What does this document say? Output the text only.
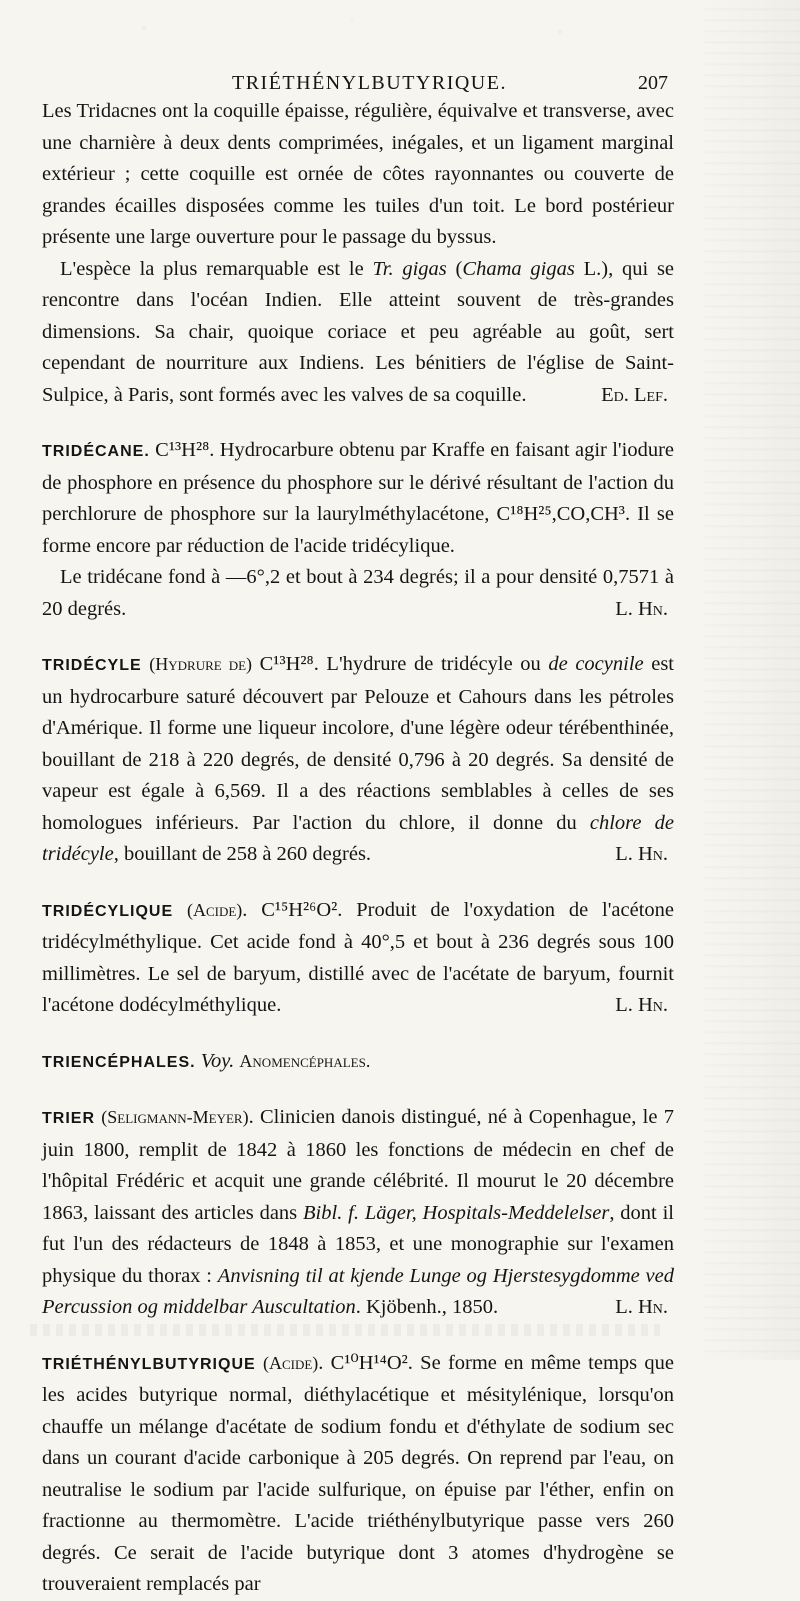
TRIÉTHÉNYLBUTYRIQUE.	207

Les Tridacnes ont la coquille épaisse, régulière, équivalve et transverse, avec une charnière à deux dents comprimées, inégales, et un ligament marginal extérieur ; cette coquille est ornée de côtes rayonnantes ou couverte de grandes écailles disposées comme les tuiles d'un toit. Le bord postérieur présente une large ouverture pour le passage du byssus.

L'espèce la plus remarquable est le Tr. gigas (Chama gigas L.), qui se rencontre dans l'océan Indien. Elle atteint souvent de très-grandes dimensions. Sa chair, quoique coriace et peu agréable au goût, sert cependant de nourriture aux Indiens. Les bénitiers de l'église de Saint-Sulpice, à Paris, sont formés avec les valves de sa coquille.	Ed. Lef.

TRIDÉCANE. C¹³H²⁸. Hydrocarbure obtenu par Kraffe en faisant agir l'iodure de phosphore en présence du phosphore sur le dérivé résultant de l'action du perchlorure de phosphore sur la laurylméthylacétone, C¹⁸H²⁵,CO,CH³. Il se forme encore par réduction de l'acide tridécylique.

Le tridécane fond à —6°,2 et bout à 234 degrés; il a pour densité 0,7571 à 20 degrés.	L. Hn.

TRIDÉCYLE (Hydrure de) C¹³H²⁸. L'hydrure de tridécyle ou de cocynile est un hydrocarbure saturé découvert par Pelouze et Cahours dans les pétroles d'Amérique. Il forme une liqueur incolore, d'une légère odeur térébenthinée, bouillant de 218 à 220 degrés, de densité 0,796 à 20 degrés. Sa densité de vapeur est égale à 6,569. Il a des réactions semblables à celles de ses homologues inférieurs. Par l'action du chlore, il donne du chlore de tridécyle, bouillant de 258 à 260 degrés.	L. Hn.

TRIDÉCYLIQUE (Acide). C¹⁵H²⁶O². Produit de l'oxydation de l'acétone tridécylméthylique. Cet acide fond à 40°,5 et bout à 236 degrés sous 100 millimètres. Le sel de baryum, distillé avec de l'acétate de baryum, fournit l'acétone dodécylméthylique.	L. Hn.

TRIENCÉPHALES. Voy. Anomencéphales.

TRIER (Seligmann-Meyer). Clinicien danois distingué, né à Copenhague, le 7 juin 1800, remplit de 1842 à 1860 les fonctions de médecin en chef de l'hôpital Frédéric et acquit une grande célébrité. Il mourut le 20 décembre 1863, laissant des articles dans Bibl. f. Läger, Hospitals-Meddelelser, dont il fut l'un des rédacteurs de 1848 à 1853, et une monographie sur l'examen physique du thorax : Anvisning til at kjende Lunge og Hjerstesygdomme ved Percussion og middelbar Auscultation. Kjöbenh., 1850.	L. Hn.

TRIÉTHÉNYLBUTYRIQUE (Acide). C¹⁰H¹⁴O². Se forme en même temps que les acides butyrique normal, diéthylacétique et mésitylénique, lorsqu'on chauffe un mélange d'acétate de sodium fondu et d'éthylate de sodium sec dans un courant d'acide carbonique à 205 degrés. On reprend par l'eau, on neutralise le sodium par l'acide sulfurique, on épuise par l'éther, enfin on fractionne au thermomètre. L'acide triéthénylbutyrique passe vers 260 degrés. Ce serait de l'acide butyrique dont 3 atomes d'hydrogène se trouveraient remplacés par
